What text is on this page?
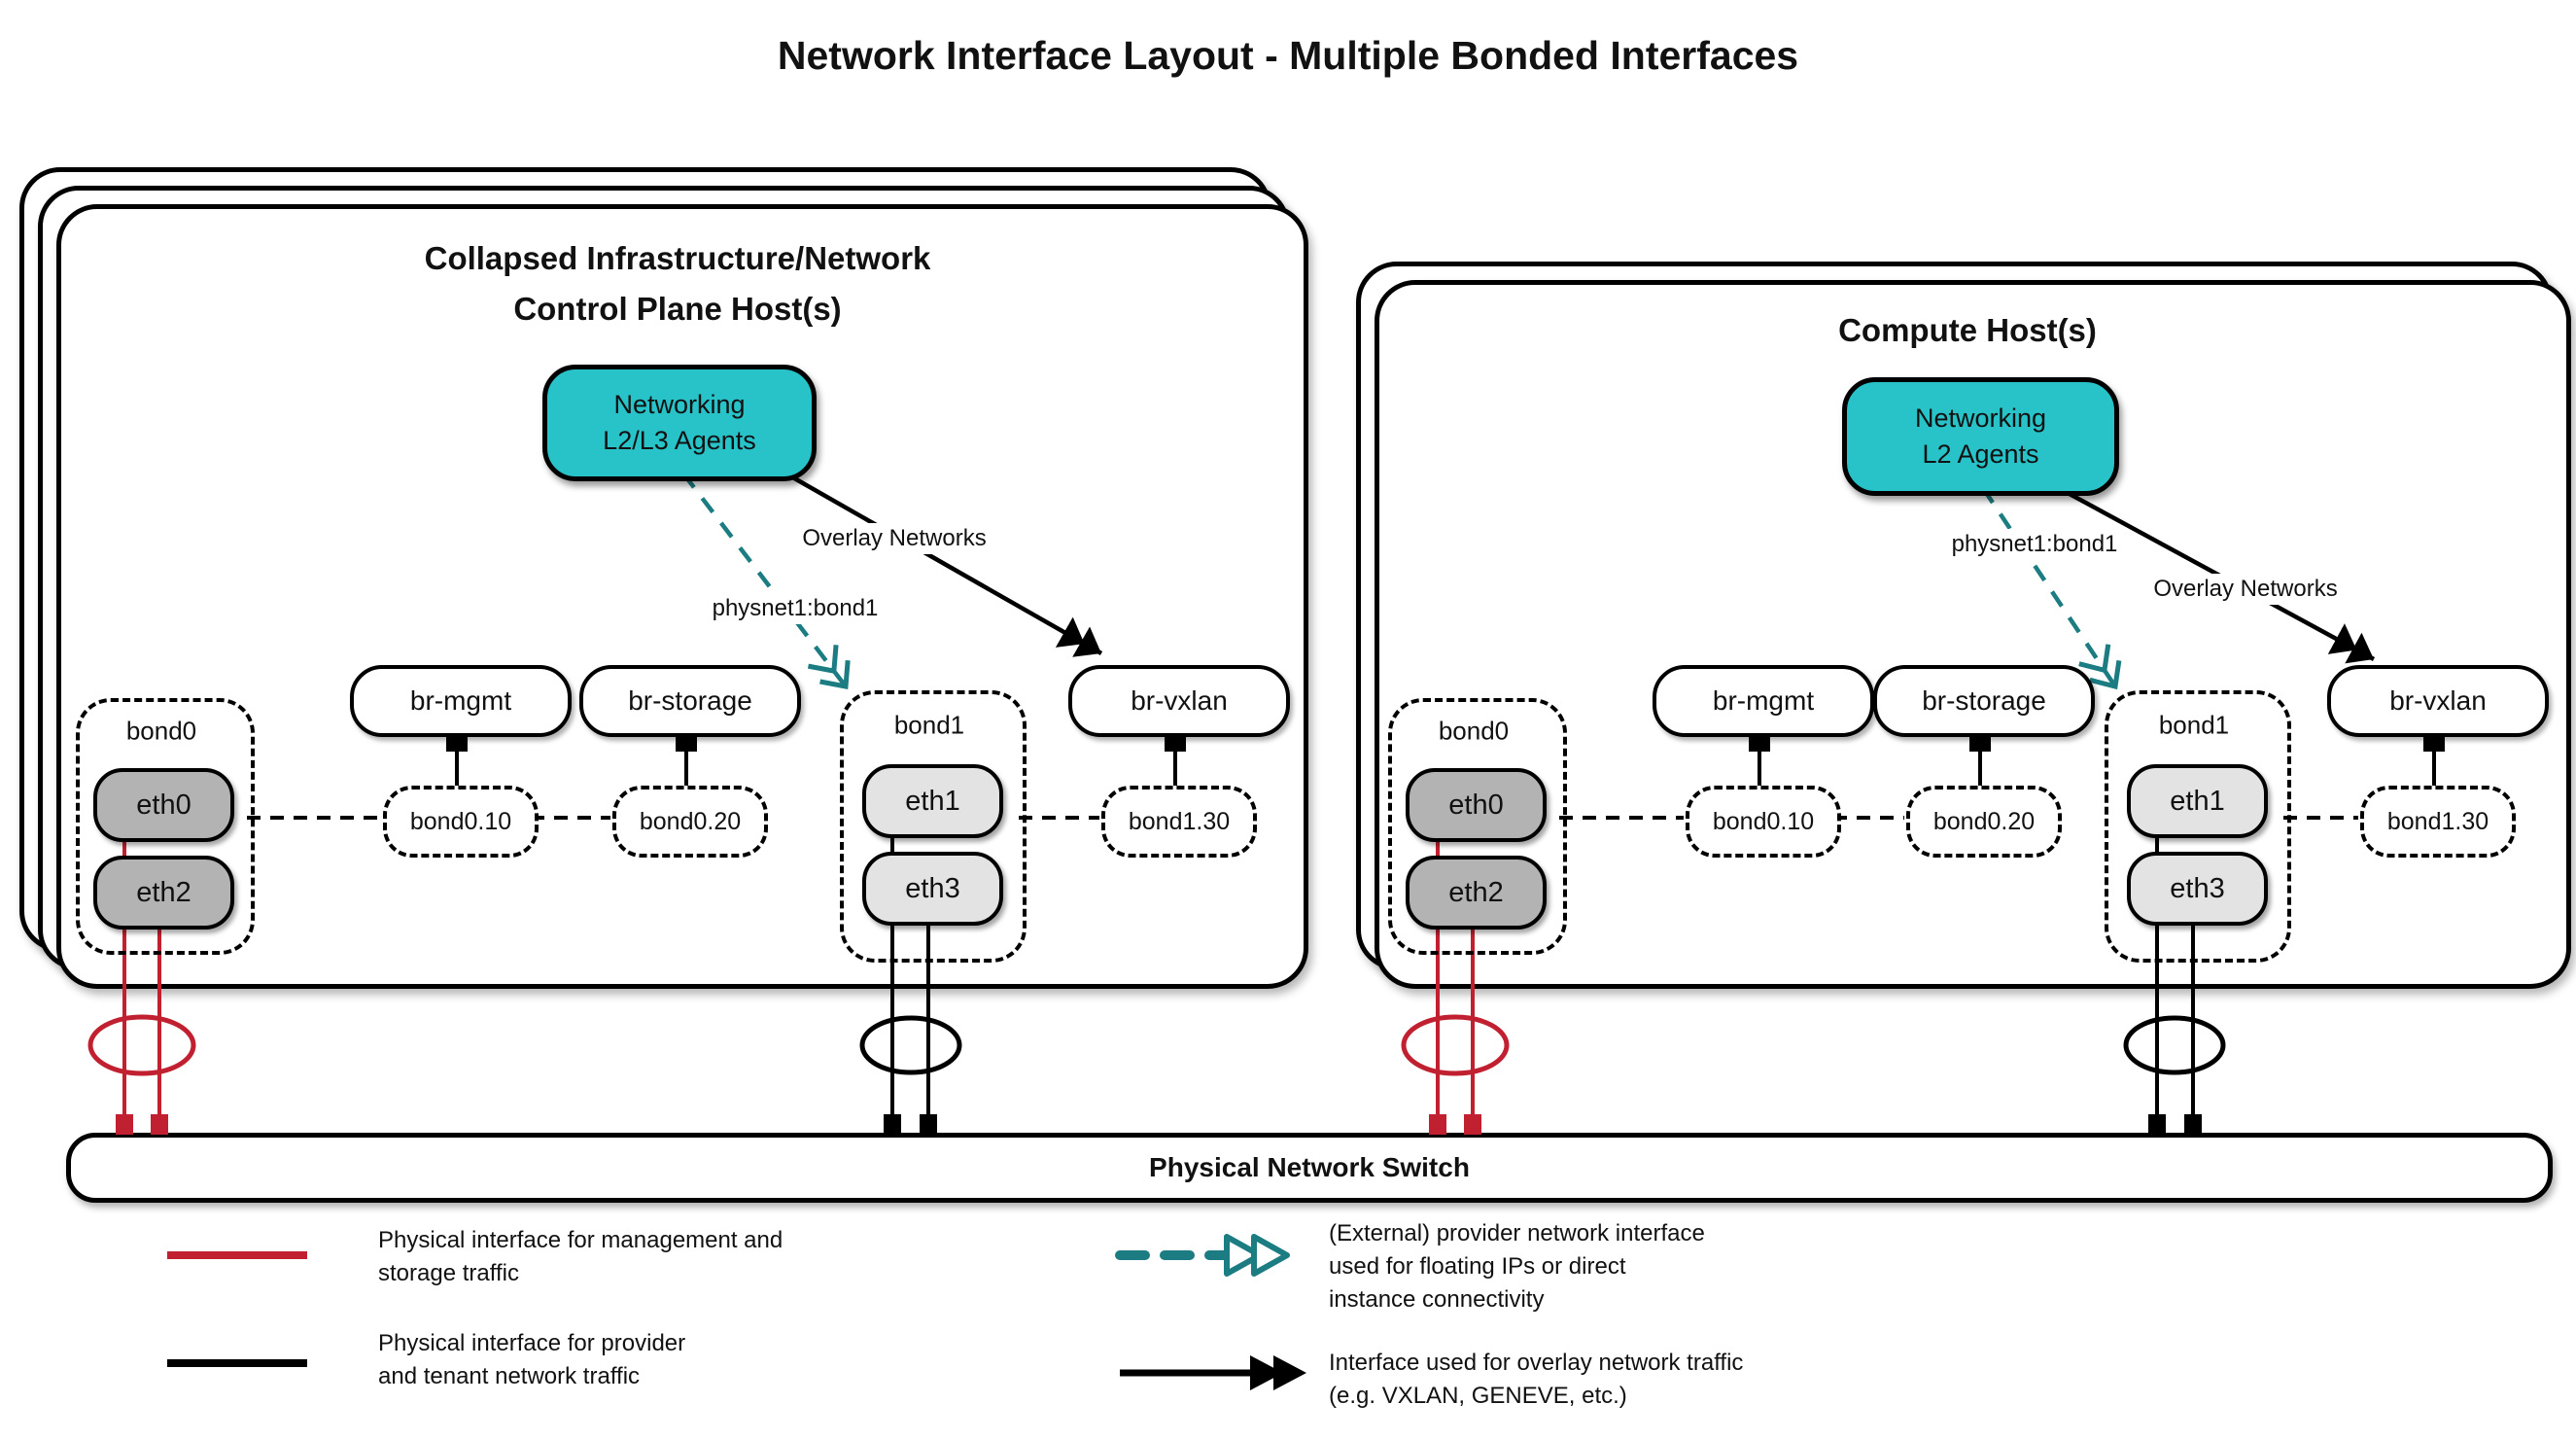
Network Interface Layout - Multiple Bonded Interfaces
Collapsed Infrastructure/Network
Control Plane Host(s)
Networking
L2/L3 Agents
Overlay Networks
physnet1:bond1
br-mgmt	br-storage	br-vxlan
bond0
eth0
eth2
bond1
eth1
eth3
bond0.10	bond0.20	bond1.30
Compute Host(s)
Networking
L2 Agents
physnet1:bond1
Overlay Networks
br-mgmt	br-storage	br-vxlan
bond0
eth0
eth2
bond1
eth1
eth3
bond0.10	bond0.20	bond1.30
Physical Network Switch
Physical interface for management and
storage traffic
Physical interface for provider
and tenant network traffic
(External) provider network interface
used for floating IPs or direct
instance connectivity
Interface used for overlay network traffic
(e.g. VXLAN, GENEVE, etc.)
